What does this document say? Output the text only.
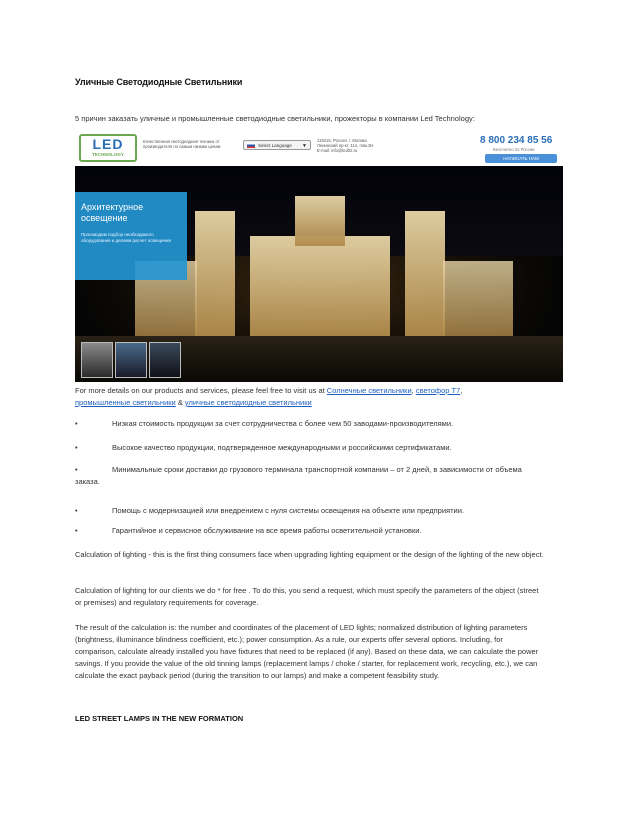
Уличные Светодиодные Светильники
5 причин заказать уличные и промышленные светодиодные светильники, прожекторы в компании Led Technology:
LED
TECHNOLOGY
Качественная светодиодная техника от производителя по самым низким ценам	Select Language ▼
119415, Россия, г. Москва
Ленинский пр-кт, 114, пом.3Н
E-mail: info@led02.ru
8 800 234 85 56
Бесплатно по России
НАПИСАТЬ НАМ
Архитектурное
освещение
Производим подбор необходимого оборудования и делаем расчет освещения
For more details on our products and services, please feel free to visit us at Солнечные светильники, светофор Т7,
промышленные светильники & уличные светодиодные светильники
•	Низкая стоимость продукции за счет сотрудничества с более чем 50 заводами-производителями.
•	Высокое качество продукции, подтвержденное международными и российскими сертификатами.
•	Минимальные сроки доставки до грузового терминала транспортной компании – от 2 дней, в зависимости от объема заказа.
•	Помощь с модернизацией или внедрением с нуля системы освещения на объекте или предприятии.
•	Гарантийное и сервисное обслуживание на все время работы осветительной установки.
Calculation of lighting - this is the first thing consumers face when upgrading lighting equipment or the design of the lighting of the new object.
Calculation of lighting for our clients we do * for free . To do this, you send a request, which must specify the parameters of the object (street or premises) and regulatory requirements for coverage.
The result of the calculation is: the number and coordinates of the placement of LED lights; normalized distribution of lighting parameters (brightness, illuminance blindness coefficient, etc.); power consumption. As a rule, our experts offer several options. Including, for comparison, calculate already installed you have fixtures that need to be replaced (if any). Based on these data, we can calculate the power savings. If you provide the value of the old tinning lamps (replacement lamps / choke / starter, for replacement work, recycling, etc.), we can calculate the exact payback period (during the transition to our lamps) and make a competent feasibility study.
LED STREET LAMPS IN THE NEW FORMATION
